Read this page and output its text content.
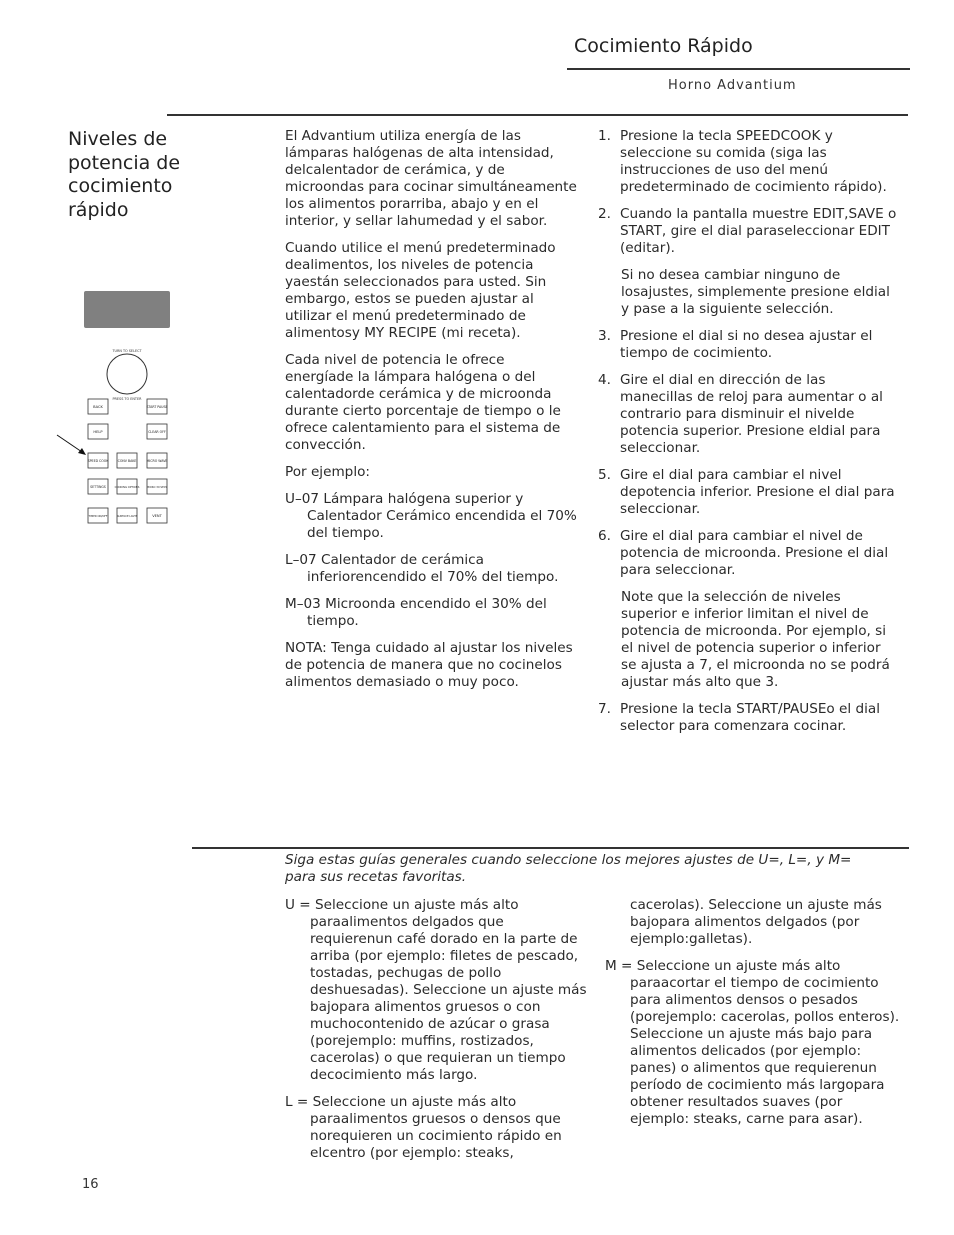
Cocimiento Rápido
Horno Advantium
Niveles de potencia de cocimiento rápido
TURN TO SELECT
PRESS TO ENTER
BACK	START PAUSE
HELP	CLEAR OFF
SPEED COOK	CONV BAKE	MICRO WAVE
SETTINGS	COOKING OPTIONS	MICRO 30 SECS
TIMER ON/OFF	SURFACE LIGHT	VENT

El Advantium utiliza energía de las lámparas halógenas de alta intensidad, delcalentador de cerámica, y de microondas para cocinar simultáneamente los alimentos porarriba, abajo y en el interior, y sellar lahumedad y el sabor.

Cuando utilice el menú predeterminado dealimentos, los niveles de potencia yaestán seleccionados para usted. Sin embargo, estos se pueden ajustar al utilizar el menú predeterminado de alimentosy MY RECIPE (mi receta).

Cada nivel de potencia le ofrece energíade la lámpara halógena o del calentadorde cerámica y de microonda durante cierto porcentaje de tiempo o le ofrece calentamiento para el sistema de convección.

Por ejemplo:

U–07 Lámpara halógena superior y Calentador Cerámico encendida el 70% del tiempo.

L–07 Calentador de cerámica inferiorencendido el 70% del tiempo.

M–03 Microonda encendido el 30% del tiempo.

NOTA: Tenga cuidado al ajustar los niveles de potencia de manera que no cocinelos alimentos demasiado o muy poco.

1. Presione la tecla SPEEDCOOK y seleccione su comida (siga las instrucciones de uso del menú predeterminado de cocimiento rápido).
2. Cuando la pantalla muestre EDIT,SAVE o START, gire el dial paraseleccionar EDIT (editar).
Si no desea cambiar ninguno de losajustes, simplemente presione eldial y pase a la siguiente selección.
3. Presione el dial si no desea ajustar el tiempo de cocimiento.
4. Gire el dial en dirección de las manecillas de reloj para aumentar o al contrario para disminuir el nivelde potencia superior. Presione eldial para seleccionar.
5. Gire el dial para cambiar el nivel depotencia inferior. Presione el dial para seleccionar.
6. Gire el dial para cambiar el nivel de potencia de microonda. Presione el dial para seleccionar.
Note que la selección de niveles superior e inferior limitan el nivel de potencia de microonda. Por ejemplo, si el nivel de potencia superior o inferior se ajusta a 7, el microonda no se podrá ajustar más alto que 3.
7. Presione la tecla START/PAUSEo el dial selector para comenzara cocinar.
Siga estas guías generales cuando seleccione los mejores ajustes de U=, L=, y M= para sus recetas favoritas.

U = Seleccione un ajuste más alto paraalimentos delgados que requierenun café dorado en la parte de arriba (por ejemplo: filetes de pescado, tostadas, pechugas de pollo deshuesadas). Seleccione un ajuste más bajopara alimentos gruesos o con muchocontenido de azúcar o grasa (porejemplo: muffins, rostizados, cacerolas) o que requieran un tiempo decocimiento más largo.

L = Seleccione un ajuste más alto paraalimentos gruesos o densos que norequieren un cocimiento rápido en elcentro (por ejemplo: steaks,

cacerolas). Seleccione un ajuste más bajopara alimentos delgados (por ejemplo:galletas).

M = Seleccione un ajuste más alto paraacortar el tiempo de cocimiento para alimentos densos o pesados (porejemplo: cacerolas, pollos enteros). Seleccione un ajuste más bajo para alimentos delicados (por ejemplo: panes) o alimentos que requierenun período de cocimiento más largopara obtener resultados suaves (por ejemplo: steaks, carne para asar).

16
